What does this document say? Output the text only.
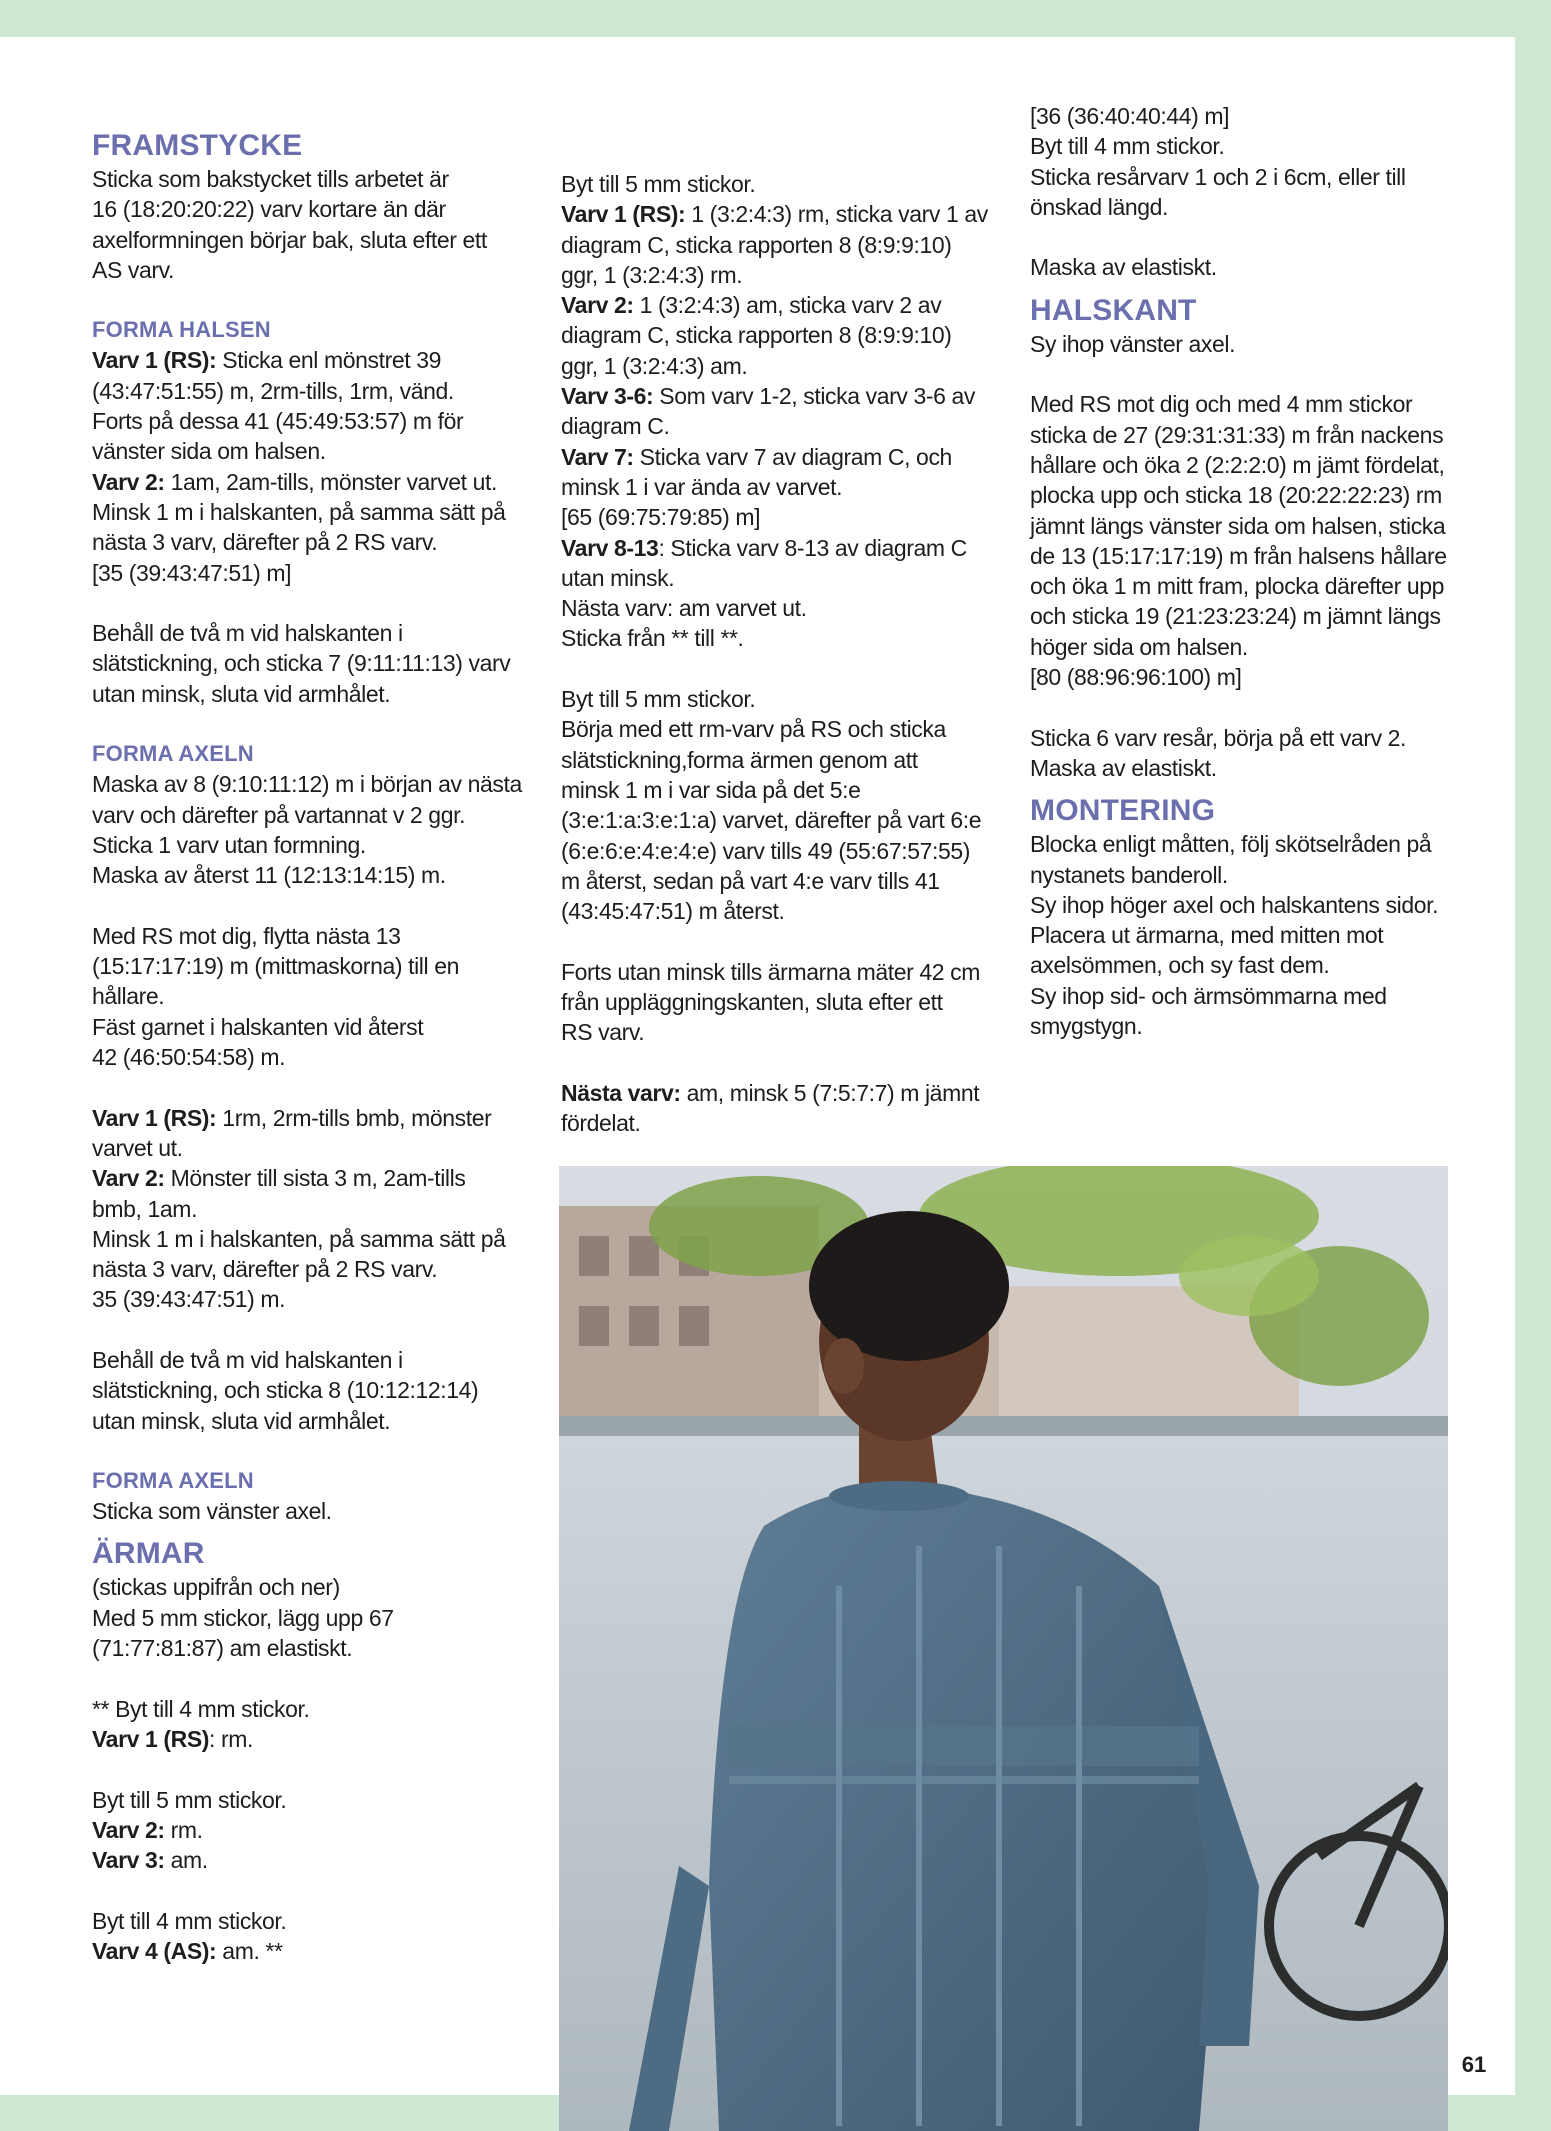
FRAMSTYCKE

Sticka som bakstycket tills arbetet är

16 (18:20:20:22) varv kortare än där

axelformningen börjar bak, sluta efter ett

AS varv.

FORMA HALSEN

Varv 1 (RS): Sticka enl mönstret 39

(43:47:51:55) m, 2rm-tills, 1rm, vänd.

Forts på dessa 41 (45:49:53:57) m för

vänster sida om halsen.

Varv 2: 1am, 2am-tills, mönster varvet ut.

Minsk 1 m i halskanten, på samma sätt på

nästa 3 varv, därefter på 2 RS varv.

[35 (39:43:47:51) m]

Behåll de två m vid halskanten i

slätstickning, och sticka 7 (9:11:11:13) varv

utan minsk, sluta vid armhålet.

FORMA AXELN

Maska av 8 (9:10:11:12) m i början av nästa

varv och därefter på vartannat v 2 ggr.

Sticka 1 varv utan formning.

Maska av återst 11 (12:13:14:15) m.

Med RS mot dig, flytta nästa 13

(15:17:17:19) m (mittmaskorna) till en

hållare.

Fäst garnet i halskanten vid återst

42 (46:50:54:58) m.

Varv 1 (RS): 1rm, 2rm-tills bmb, mönster

varvet ut.

Varv 2: Mönster till sista 3 m, 2am-tills

bmb, 1am.

Minsk 1 m i halskanten, på samma sätt på

nästa 3 varv, därefter på 2 RS varv.

35 (39:43:47:51) m.

Behåll de två m vid halskanten i

slätstickning, och sticka 8 (10:12:12:14)

utan minsk, sluta vid armhålet.

FORMA AXELN

Sticka som vänster axel.

ÄRMAR

(stickas uppifrån och ner)

Med 5 mm stickor, lägg upp 67

(71:77:81:87) am elastiskt.

** Byt till 4 mm stickor.

Varv 1 (RS): rm.

Byt till 5 mm stickor.

Varv 2: rm.

Varv 3: am.

Byt till 4 mm stickor.

Varv 4 (AS): am. **

Byt till 5 mm stickor.

Varv 1 (RS): 1 (3:2:4:3) rm, sticka varv 1 av

diagram C, sticka rapporten 8 (8:9:9:10)

ggr, 1 (3:2:4:3) rm.

Varv 2: 1 (3:2:4:3) am, sticka varv 2 av

diagram C, sticka rapporten 8 (8:9:9:10)

ggr, 1 (3:2:4:3) am.

Varv 3-6: Som varv 1-2, sticka varv 3-6 av

diagram C.

Varv 7: Sticka varv 7 av diagram C, och

minsk 1 i var ända av varvet.

[65 (69:75:79:85) m]

Varv 8-13: Sticka varv 8-13 av diagram C

utan minsk.

Nästa varv: am varvet ut.

Sticka från ** till **.

Byt till 5 mm stickor.

Börja med ett rm-varv på RS och sticka

slätstickning,forma ärmen genom att

minsk 1 m i var sida på det 5:e

(3:e:1:a:3:e:1:a) varvet, därefter på vart 6:e

(6:e:6:e:4:e:4:e) varv tills 49 (55:67:57:55)

m återst, sedan på vart 4:e varv tills 41

(43:45:47:51) m återst.

Forts utan minsk tills ärmarna mäter 42 cm

från uppläggningskanten, sluta efter ett

RS varv.

Nästa varv: am, minsk 5 (7:5:7:7) m jämnt

fördelat.

[36 (36:40:40:44) m]

Byt till 4 mm stickor.

Sticka resårvarv 1 och 2 i 6cm, eller till

önskad längd.

Maska av elastiskt.

HALSKANT

Sy ihop vänster axel.

Med RS mot dig och med 4 mm stickor

sticka de 27 (29:31:31:33) m från nackens

hållare och öka 2 (2:2:2:0) m jämt fördelat,

plocka upp och sticka 18 (20:22:22:23) rm

jämnt längs vänster sida om halsen, sticka

de 13 (15:17:17:19) m från halsens hållare

och öka 1 m mitt fram, plocka därefter upp

och sticka 19 (21:23:23:24) m jämnt längs

höger sida om halsen.

[80 (88:96:96:100) m]

Sticka 6 varv resår, börja på ett varv 2.

Maska av elastiskt.

MONTERING

Blocka enligt måtten, följ skötselråden på

nystanets banderoll.

Sy ihop höger axel och halskantens sidor.

Placera ut ärmarna, med mitten mot

axelsömmen, och sy fast dem.

Sy ihop sid- och ärmsömmarna med

smygstygn.

61
